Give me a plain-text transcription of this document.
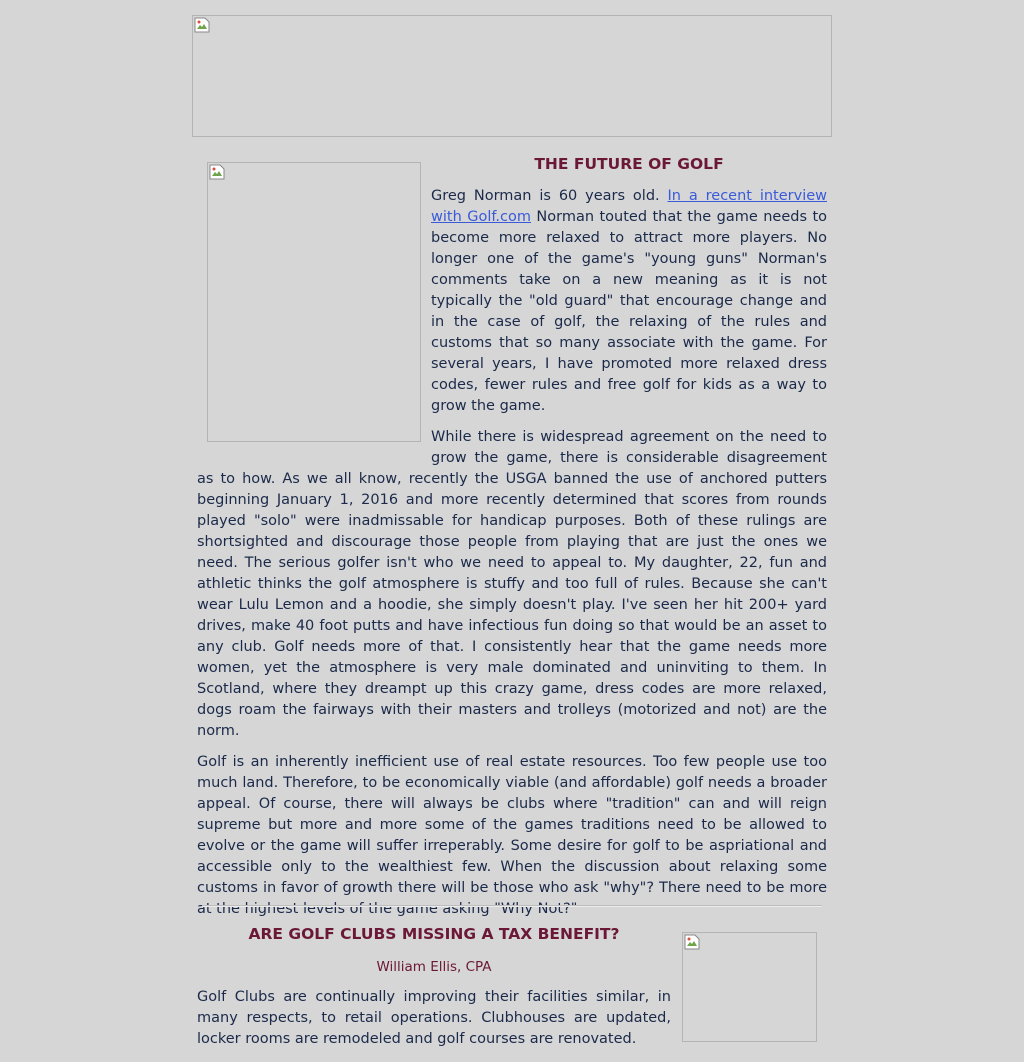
THE FUTURE OF GOLF

Greg Norman is 60 years old. In a recent interview with Golf.com Norman touted that the game needs to become more relaxed to attract more players. No longer one of the game's "young guns" Norman's comments take on a new meaning as it is not typically the "old guard" that encourage change and in the case of golf, the relaxing of the rules and customs that so many associate with the game. For several years, I have promoted more relaxed dress codes, fewer rules and free golf for kids as a way to grow the game.

While there is widespread agreement on the need to grow the game, there is considerable disagreement as to how. As we all know, recently the USGA banned the use of anchored putters beginning January 1, 2016 and more recently determined that scores from rounds played "solo" were inadmissable for handicap purposes. Both of these rulings are shortsighted and discourage those people from playing that are just the ones we need. The serious golfer isn't who we need to appeal to. My daughter, 22, fun and athletic thinks the golf atmosphere is stuffy and too full of rules. Because she can't wear Lulu Lemon and a hoodie, she simply doesn't play. I've seen her hit 200+ yard drives, make 40 foot putts and have infectious fun doing so that would be an asset to any club. Golf needs more of that. I consistently hear that the game needs more women, yet the atmosphere is very male dominated and uninviting to them. In Scotland, where they dreampt up this crazy game, dress codes are more relaxed, dogs roam the fairways with their masters and trolleys (motorized and not) are the norm.

Golf is an inherently inefficient use of real estate resources. Too few people use too much land. Therefore, to be economically viable (and affordable) golf needs a broader appeal. Of course, there will always be clubs where "tradition" can and will reign supreme but more and more some of the games traditions need to be allowed to evolve or the game will suffer irreperably. Some desire for golf to be aspriational and accessible only to the wealthiest few. When the discussion about relaxing some customs in favor of growth there will be those who ask "why"? There need to be more at the highest levels of the game asking "Why Not?"

ARE GOLF CLUBS MISSING A TAX BENEFIT?
William Ellis, CPA

Golf Clubs are continually improving their facilities similar, in many respects, to retail operations. Clubhouses are updated, locker rooms are remodeled and golf courses are renovated.
